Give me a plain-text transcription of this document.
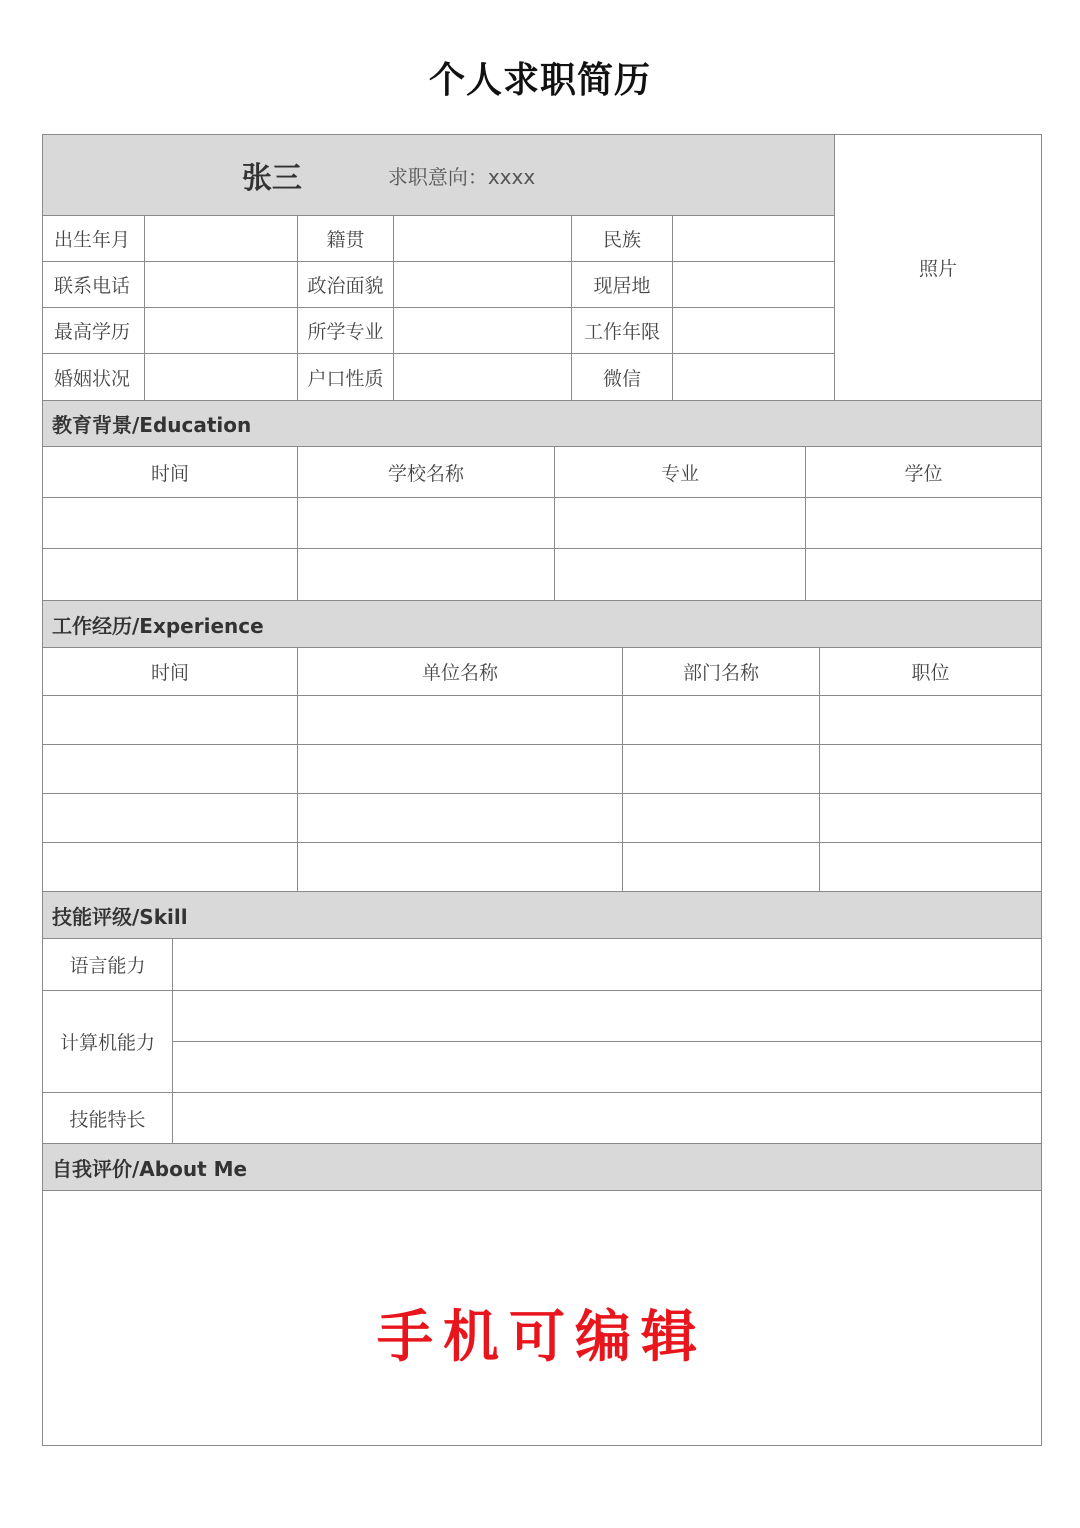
个人求职简历
张三	求职意向：xxxx
照片
出生年月	籍贯	民族
联系电话	政治面貌	现居地
最高学历	所学专业	工作年限
婚姻状况	户口性质	微信
教育背景/Education
时间	学校名称	专业	学位
工作经历/Experience
时间	单位名称	部门名称	职位
技能评级/Skill
语言能力
计算机能力
技能特长
自我评价/About Me
手机可编辑
